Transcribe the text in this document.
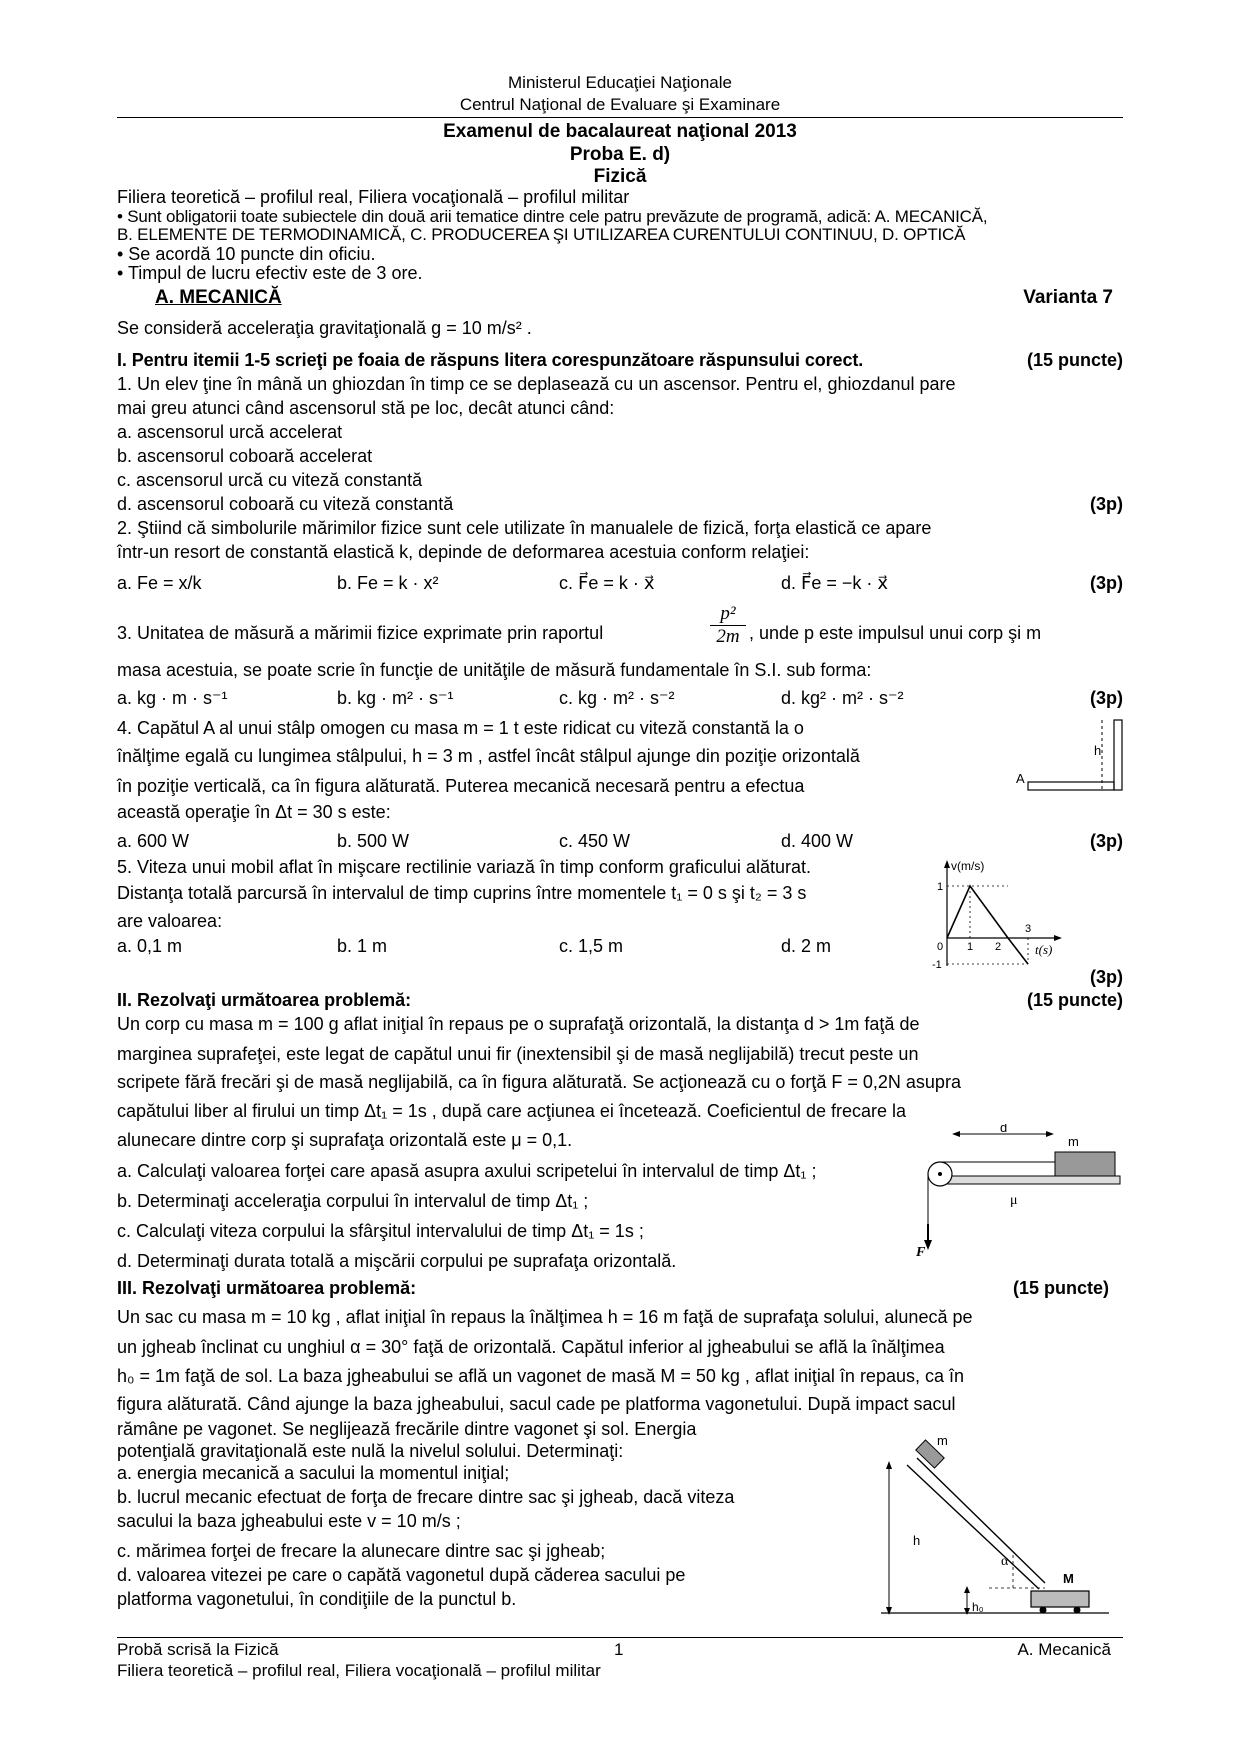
Ministerul Educaţiei Naţionale
Centrul Naţional de Evaluare şi Examinare
Examenul de bacalaureat naţional 2013
Proba E. d)
Fizică
Filiera teoretică – profilul real, Filiera vocaţională – profilul militar
• Sunt obligatorii toate subiectele din două arii tematice dintre cele patru prevăzute de programă, adică: A. MECANICĂ,
B. ELEMENTE DE TERMODINAMICĂ, C. PRODUCEREA ŞI UTILIZAREA CURENTULUI CONTINUU, D. OPTICĂ
• Se acordă 10 puncte din oficiu.
• Timpul de lucru efectiv este de 3 ore.
A. MECANICĂ	Varianta 7
Se consideră acceleraţia gravitaţională g = 10 m/s² .
I. Pentru itemii 1-5 scrieţi pe foaia de răspuns litera corespunzătoare răspunsului corect.	(15 puncte)
1. Un elev ţine în mână un ghiozdan în timp ce se deplasează cu un ascensor. Pentru el, ghiozdanul pare
mai greu atunci când ascensorul stă pe loc, decât atunci când:
a. ascensorul urcă accelerat
b. ascensorul coboară accelerat
c. ascensorul urcă cu viteză constantă
d. ascensorul coboară cu viteză constantă	(3p)
2. Ştiind că simbolurile mărimilor fizice sunt cele utilizate în manualele de fizică, forţa elastică ce apare
într-un resort de constantă elastică k, depinde de deformarea acestuia conform relaţiei:
a. Fe = x/k	b. Fe = k · x²	c. F⃗e = k · x⃗	d. F⃗e = −k · x⃗	(3p)
3. Unitatea de măsură a mărimii fizice exprimate prin raportul	$\frac{\text{p²}}{2m}$ , unde p este impulsul unui corp şi m
masa acestuia, se poate scrie în funcţie de unităţile de măsură fundamentale în S.I. sub forma:
a. kg · m · s⁻¹	b. kg · m² · s⁻¹	c. kg · m² · s⁻²	d. kg² · m² · s⁻²	(3p)
4. Capătul A al unui stâlp omogen cu masa m = 1 t este ridicat cu viteză constantă la o
înălţime egală cu lungimea stâlpului, h = 3 m , astfel încât stâlpul ajunge din poziţie orizontală
în poziţie verticală, ca în figura alăturată. Puterea mecanică necesară pentru a efectua
această operaţie în Δt = 30 s este:
a. 600 W	b. 500 W	c. 450 W	d. 400 W	(3p)
h
A
5. Viteza unui mobil aflat în mişcare rectilinie variază în timp conform graficului alăturat.
Distanţa totală parcursă în intervalul de timp cuprins între momentele t₁ = 0 s şi t₂ = 3 s
are valoarea:
a. 0,1 m	b. 1 m	c. 1,5 m	d. 2 m
(3p)
v(m/s)
t(s)
1
-1
0 1 2
3
II. Rezolvaţi următoarea problemă:	(15 puncte)
Un corp cu masa m = 100 g aflat iniţial în repaus pe o suprafaţă orizontală, la distanţa d > 1m faţă de
marginea suprafeţei, este legat de capătul unui fir (inextensibil şi de masă neglijabilă) trecut peste un
scripete fără frecări şi de masă neglijabilă, ca în figura alăturată. Se acţionează cu o forţă F = 0,2N asupra
capătului liber al firului un timp Δt₁ = 1s , după care acţiunea ei încetează. Coeficientul de frecare la
alunecare dintre corp şi suprafaţa orizontală este μ = 0,1.
a. Calculaţi valoarea forţei care apasă asupra axului scripetelui în intervalul de timp Δt₁ ;
b. Determinaţi acceleraţia corpului în intervalul de timp Δt₁ ;
c. Calculaţi viteza corpului la sfârşitul intervalului de timp Δt₁ = 1s ;
d. Determinaţi durata totală a mişcării corpului pe suprafaţa orizontală.
d
m
μ
F
III. Rezolvaţi următoarea problemă:	(15 puncte)
Un sac cu masa m = 10 kg , aflat iniţial în repaus la înălţimea h = 16 m faţă de suprafaţa solului, alunecă pe
un jgheab înclinat cu unghiul α = 30° faţă de orizontală. Capătul inferior al jgheabului se află la înălţimea
h₀ = 1m faţă de sol. La baza jgheabului se află un vagonet de masă M = 50 kg , aflat iniţial în repaus, ca în
figura alăturată. Când ajunge la baza jgheabului, sacul cade pe platforma vagonetului. După impact sacul
rămâne pe vagonet. Se neglijează frecările dintre vagonet şi sol. Energia
potenţială gravitaţională este nulă la nivelul solului. Determinaţi:
a. energia mecanică a sacului la momentul iniţial;
b. lucrul mecanic efectuat de forţa de frecare dintre sac şi jgheab, dacă viteza
sacului la baza jgheabului este v = 10 m/s ;
c. mărimea forţei de frecare la alunecare dintre sac şi jgheab;
d. valoarea vitezei pe care o capătă vagonetul după căderea sacului pe
platforma vagonetului, în condiţiile de la punctul b.
m
h
α
M
h₀
Probă scrisă la Fizică	1	A. Mecanică
Filiera teoretică – profilul real, Filiera vocaţională – profilul militar
